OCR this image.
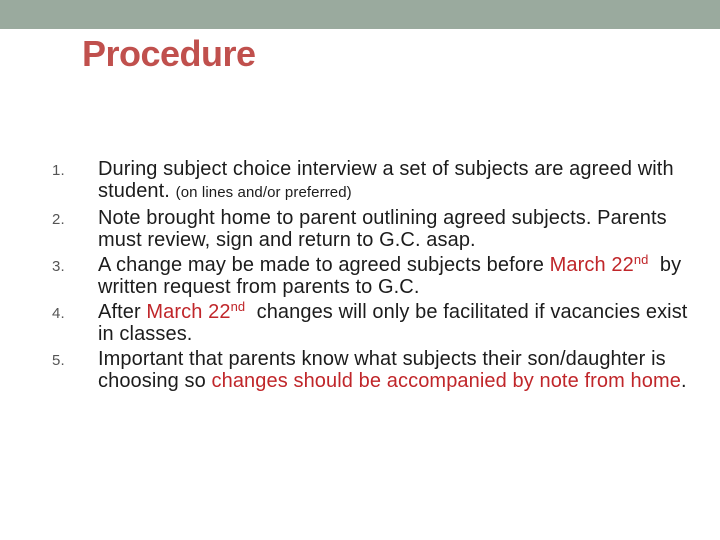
Procedure
1. During subject choice interview a set of subjects are agreed with student. (on lines and/or preferred)
2. Note brought home to parent outlining agreed subjects. Parents must review, sign and return to G.C. asap.
3. A change may be made to agreed subjects before March 22nd by written request from parents to G.C.
4. After March 22nd changes will only be facilitated if vacancies exist in classes.
5. Important that parents know what subjects their son/daughter is choosing so changes should be accompanied by note from home.
